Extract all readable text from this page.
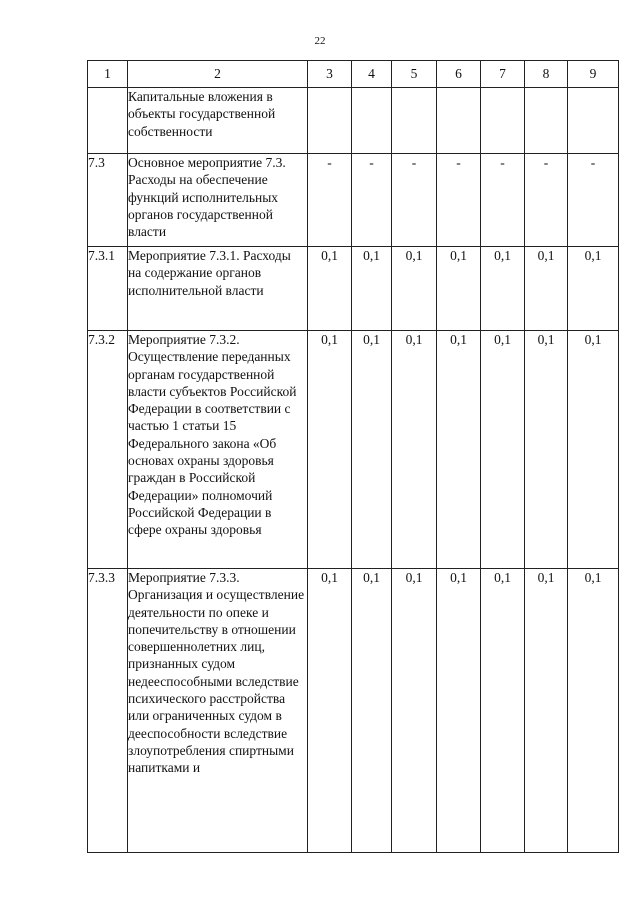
22
1	2	3	4	5	6	7	8	9
	Капитальные вложения в объекты государственной собственности							
7.3	Основное мероприятие 7.3. Расходы на обеспечение функций исполнительных органов государственной власти	-	-	-	-	-	-	-
7.3.1	Мероприятие 7.3.1. Расходы на содержание органов исполнительной власти	0,1	0,1	0,1	0,1	0,1	0,1	0,1
7.3.2	Мероприятие 7.3.2. Осуществление переданных органам государственной власти субъектов Российской Федерации в соответствии с частью 1 статьи 15 Федерального закона «Об основах охраны здоровья граждан в Российской Федерации» полномочий Российской Федерации в сфере охраны здоровья	0,1	0,1	0,1	0,1	0,1	0,1	0,1
7.3.3	Мероприятие 7.3.3. Организация и осуществление деятельности по опеке и попечительству в отношении совершеннолетних лиц, признанных судом недееспособными вследствие психического расстройства или ограниченных судом в дееспособности вследствие злоупотребления спиртными напитками и	0,1	0,1	0,1	0,1	0,1	0,1	0,1
